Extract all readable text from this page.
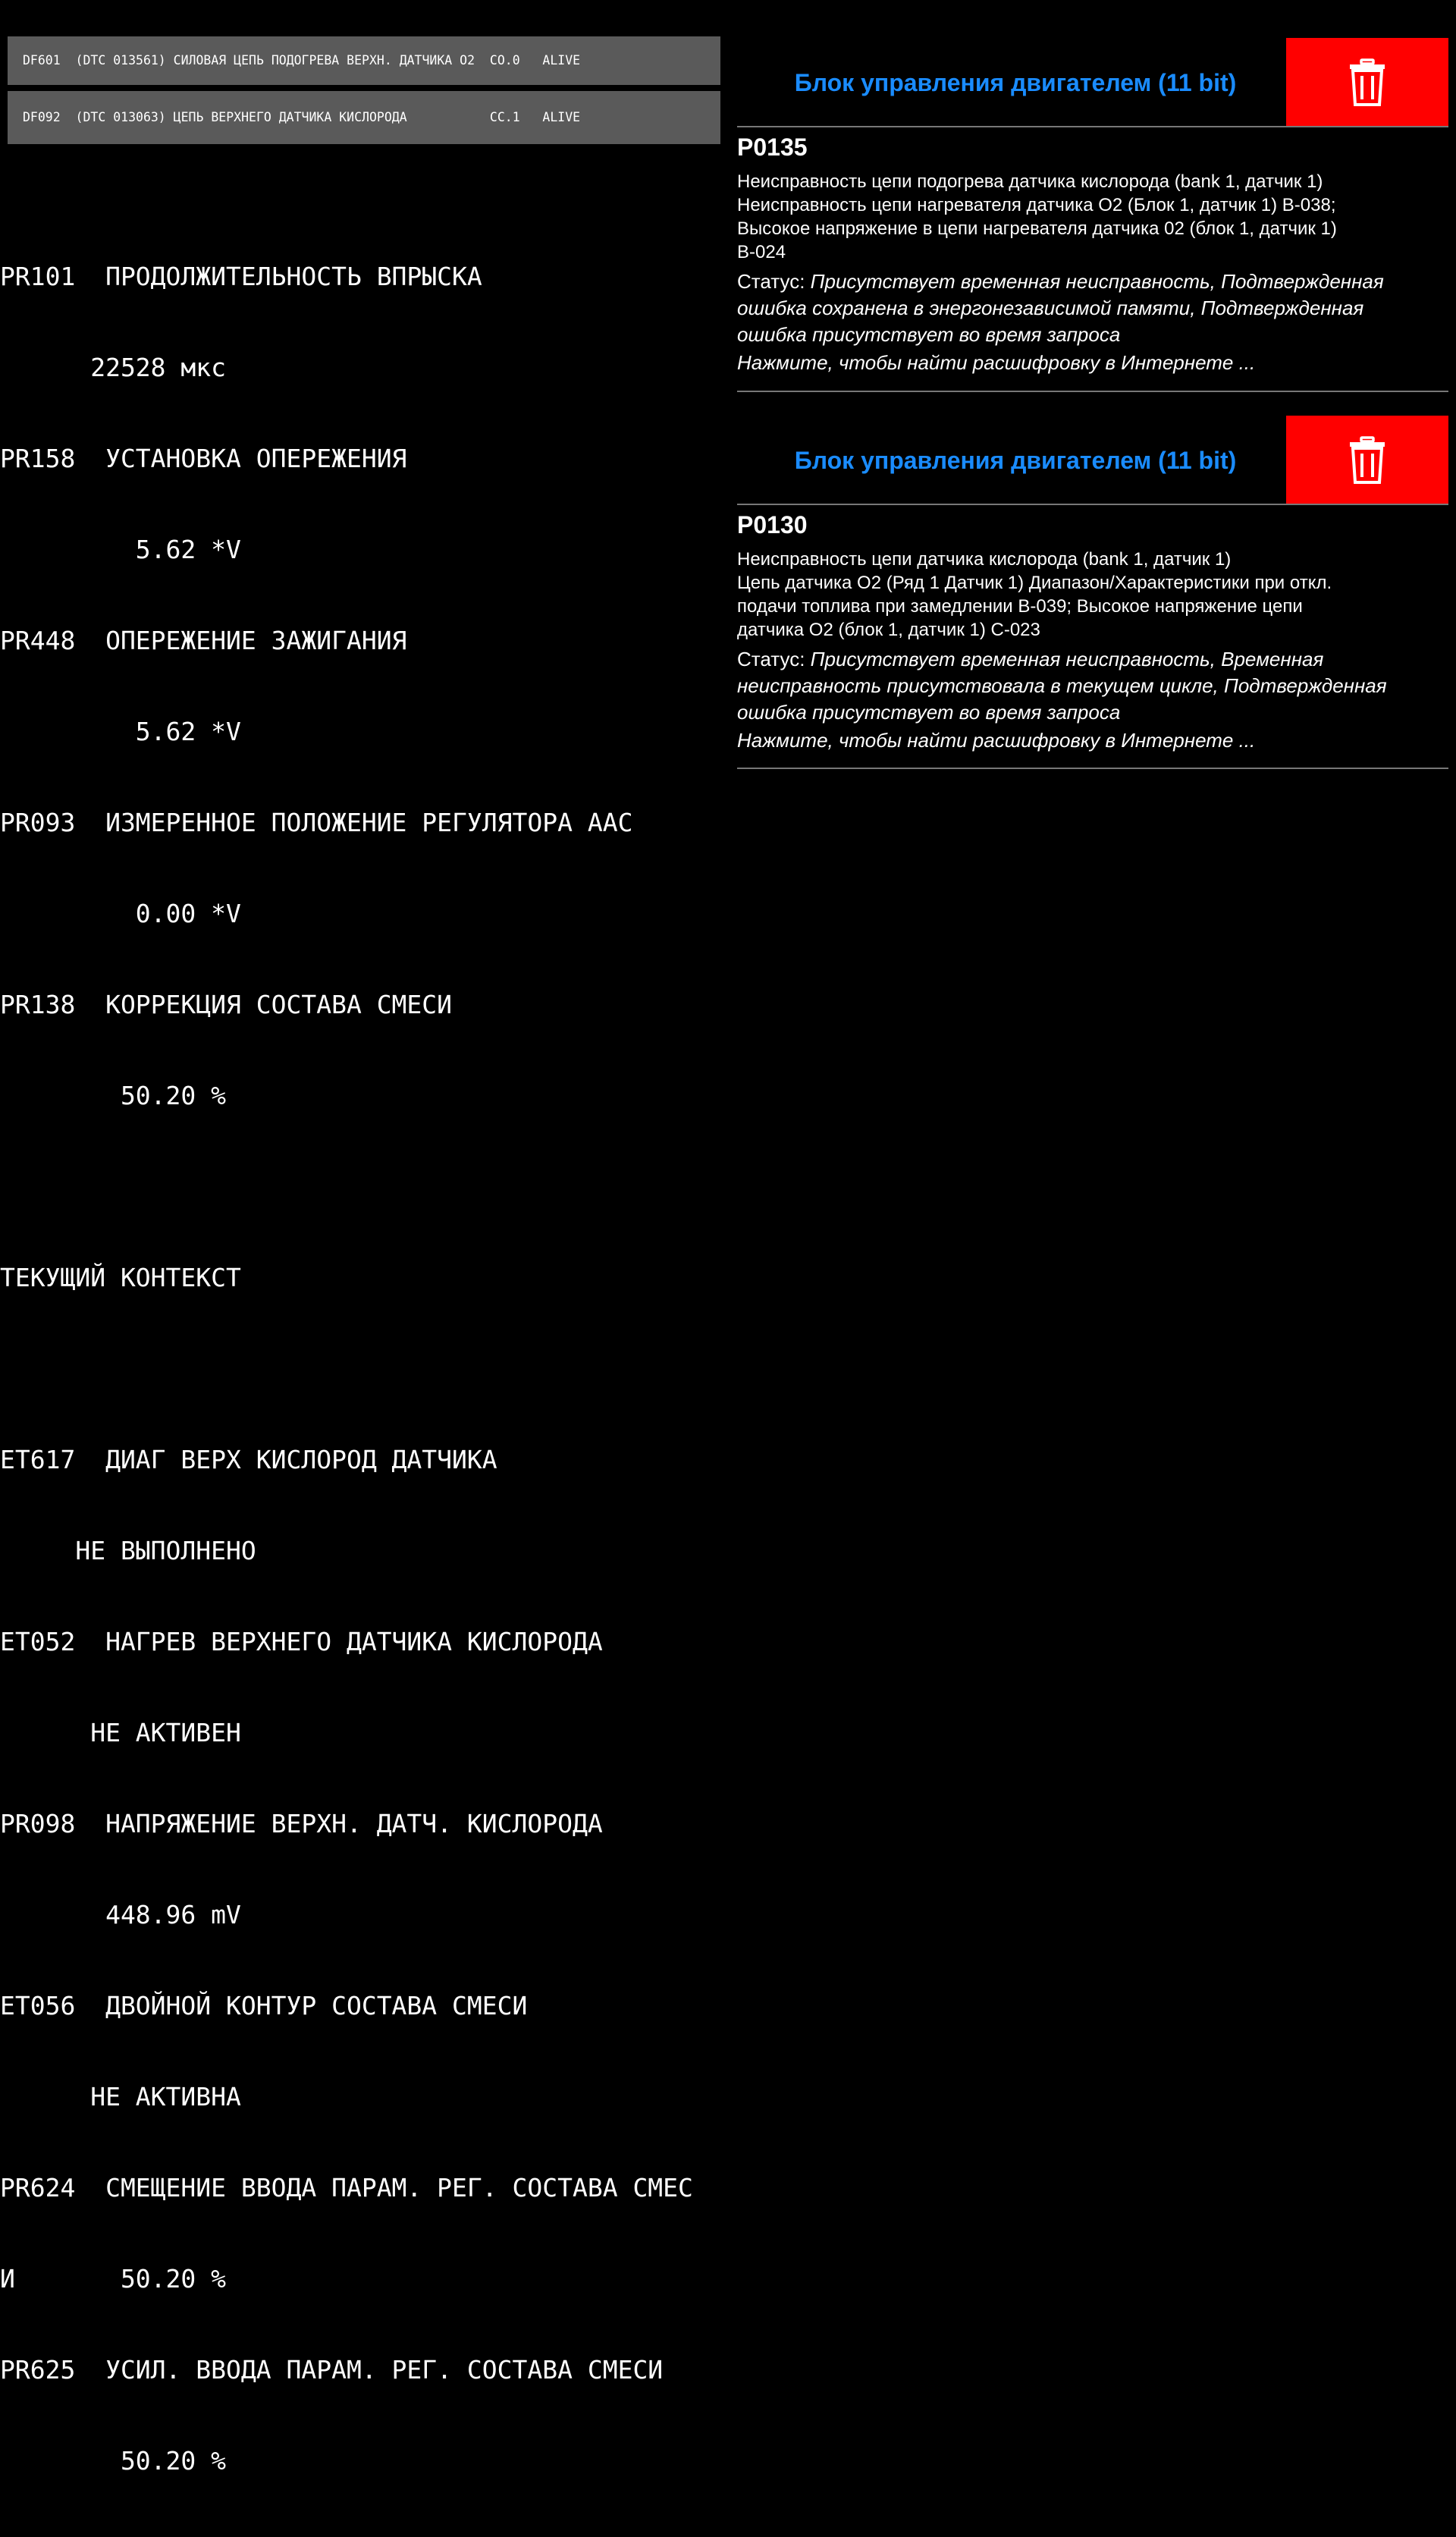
DF601  (DTC 013561) СИЛОВАЯ ЦЕПЬ ПОДОГРЕВА ВЕРХН. ДАТЧИКА O2  CO.0   ALIVE
DF092  (DTC 013063) ЦЕПЬ ВЕРХНЕГО ДАТЧИКА КИСЛОРОДА           CC.1   ALIVE

PR101  ПРОДОЛЖИТЕЛЬНОСТЬ ВПРЫСКА

22528 мкс

PR158  УСТАНОВКА ОПЕРЕЖЕНИЯ

5.62 *V

PR448  ОПЕРЕЖЕНИЕ ЗАЖИГАНИЯ

5.62 *V

PR093  ИЗМЕРЕННОЕ ПОЛОЖЕНИЕ РЕГУЛЯТОРА AAC

0.00 *V

PR138  КОРРЕКЦИЯ СОСТАВА СМЕСИ

50.20 %

ТЕКУЩИЙ КОНТЕКСТ

ET617  ДИАГ ВЕРХ КИСЛОРОД ДАТЧИКА

НЕ ВЫПОЛНЕНО

ET052  НАГРЕВ ВЕРХНЕГО ДАТЧИКА КИСЛОРОДА

НЕ АКТИВЕН

PR098  НАПРЯЖЕНИЕ ВЕРХН. ДАТЧ. КИСЛОРОДА

448.96 mV

ET056  ДВОЙНОЙ КОНТУР СОСТАВА СМЕСИ

НЕ АКТИВНА

PR624  СМЕЩЕНИЕ ВВОДА ПАРАМ. РЕГ. СОСТАВА СМЕС

И       50.20 %

PR625  УСИЛ. ВВОДА ПАРАМ. РЕГ. СОСТАВА СМЕСИ

50.20 %

Блок управления двигателем (11 bit)
P0135
Неисправность цепи подогрева датчика кислорода (bank 1, датчик 1)
Неисправность цепи нагревателя датчика O2 (Блок 1, датчик 1) B-038;
Высокое напряжение в цепи нагревателя датчика 02 (блок 1, датчик 1)
B-024
Статус: Присутствует временная неисправность, Подтвержденная
ошибка сохранена в энергонезависимой памяти, Подтвержденная
ошибка присутствует во время запроса
Нажмите, чтобы найти расшифровку в Интернете ...
Блок управления двигателем (11 bit)
P0130
Неисправность цепи датчика кислорода (bank 1, датчик 1)
Цепь датчика O2 (Ряд 1 Датчик 1) Диапазон/Характеристики при откл.
подачи топлива при замедлении B-039; Высокое напряжение цепи
датчика O2 (блок 1, датчик 1) C-023
Статус: Присутствует временная неисправность, Временная
неисправность присутствовала в текущем цикле, Подтвержденная
ошибка присутствует во время запроса
Нажмите, чтобы найти расшифровку в Интернете ...
